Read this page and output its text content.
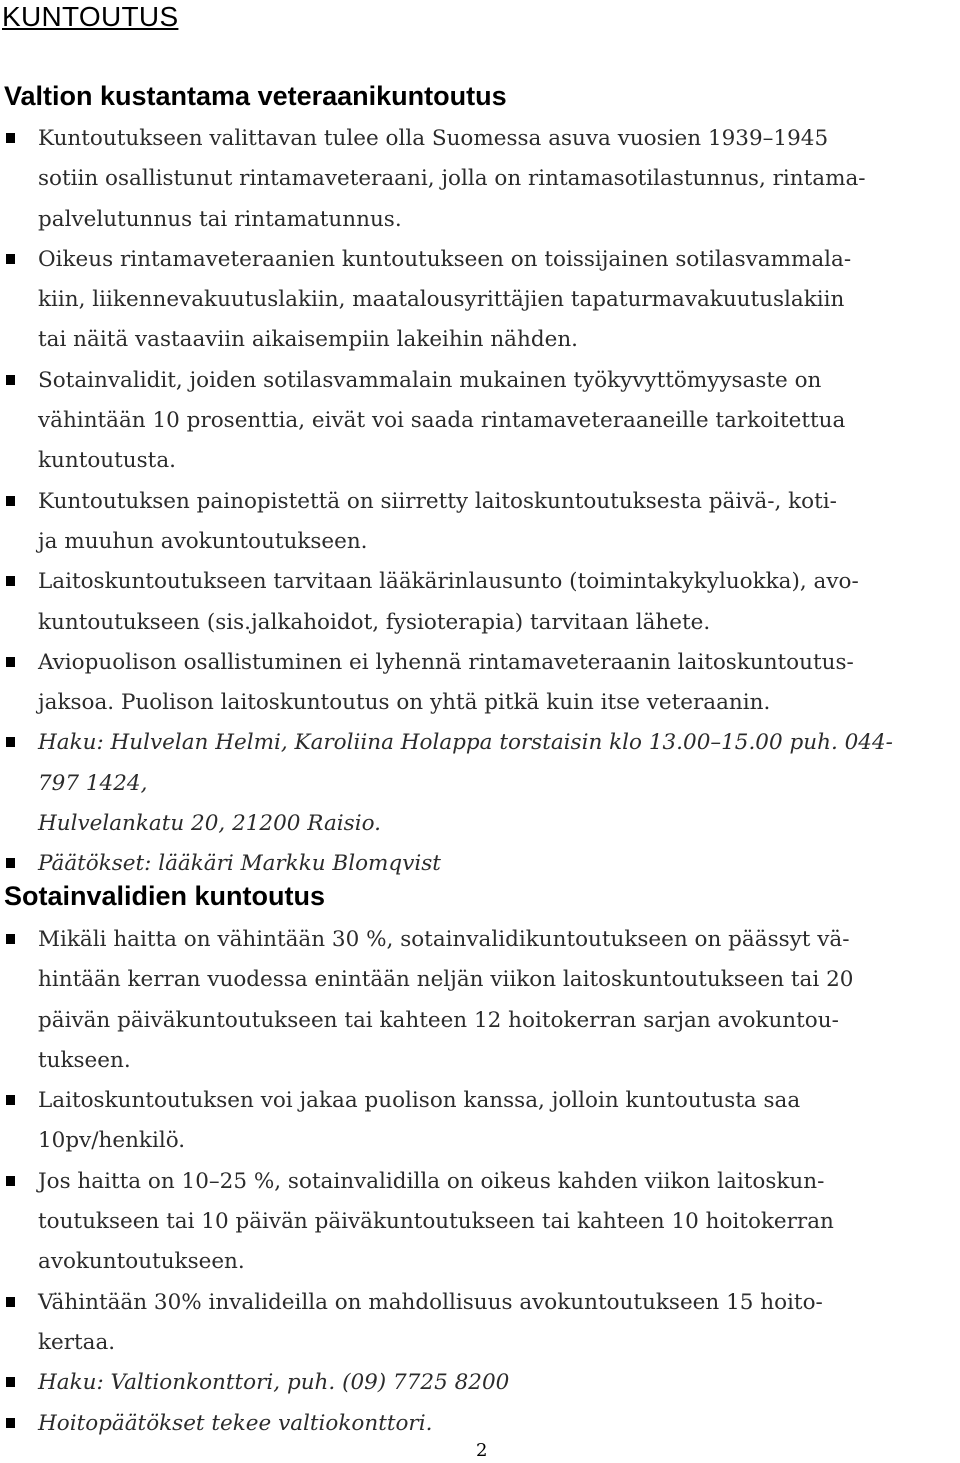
KUNTOUTUS
Valtion kustantama veteraanikuntoutus
Kuntoutukseen valittavan tulee olla Suomessa asuva vuosien 1939–1945
sotiin osallistunut rintamaveteraani, jolla on rintamasotilastunnus, rintama-
palvelutunnus tai rintamatunnus.
Oikeus rintamaveteraanien kuntoutukseen on toissijainen sotilasvammala-
kiin, liikennevakuutuslakiin, maatalousyrittäjien tapaturmavakuutuslakiin
tai näitä vastaaviin aikaisempiin lakeihin nähden.
Sotainvalidit, joiden sotilasvammalain mukainen työkyvyttömyysaste on
vähintään 10 prosenttia, eivät voi saada rintamaveteraaneille tarkoitettua
kuntoutusta.
Kuntoutuksen painopistettä on siirretty laitoskuntoutuksesta päivä-, koti-
ja muuhun avokuntoutukseen.
Laitoskuntoutukseen tarvitaan lääkärinlausunto (toimintakykyluokka), avo-
kuntoutukseen (sis.jalkahoidot, fysioterapia) tarvitaan lähete.
Aviopuolison osallistuminen ei lyhennä rintamaveteraanin laitoskuntoutus-
jaksoa. Puolison laitoskuntoutus on yhtä pitkä kuin itse veteraanin.
Haku: Hulvelan Helmi, Karoliina Holappa torstaisin klo 13.00–15.00 puh. 044-
797 1424,
Hulvelankatu 20, 21200 Raisio.
Päätökset: lääkäri Markku Blomqvist
Sotainvalidien kuntoutus
Mikäli haitta on vähintään 30 %, sotainvalidikuntoutukseen on päässyt vä-
hintään kerran vuodessa enintään neljän viikon laitoskuntoutukseen tai 20
päivän päiväkuntoutukseen tai kahteen 12 hoitokerran sarjan avokuntou-
tukseen.
Laitoskuntoutuksen voi jakaa puolison kanssa, jolloin kuntoutusta saa
10pv/henkilö.
Jos haitta on 10–25 %, sotainvalidilla on oikeus kahden viikon laitoskun-
toutukseen tai 10 päivän päiväkuntoutukseen tai kahteen 10 hoitokerran
avokuntoutukseen.
Vähintään 30% invalideilla on mahdollisuus avokuntoutukseen 15 hoito-
kertaa.
Haku: Valtionkonttori, puh. (09) 7725 8200
Hoitopäätökset tekee valtiokonttori.
2
